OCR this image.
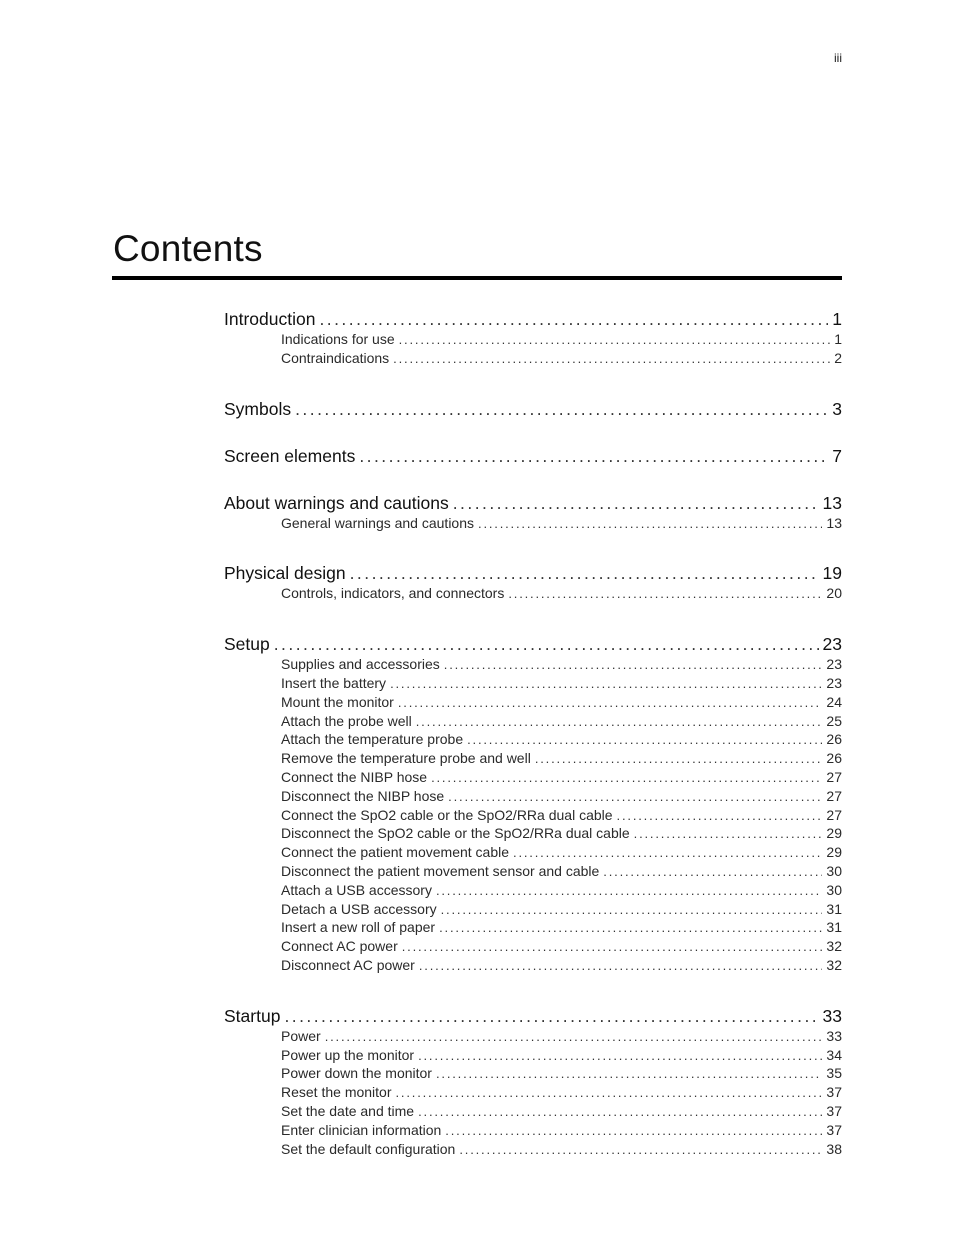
iii
Contents
Introduction . . .	1
Indications for use . . .	1
Contraindications . . .	2
Symbols . . .	3
Screen elements . . .	7
About warnings and cautions . . .	13
General warnings and cautions . . .	13
Physical design . . .	19
Controls, indicators, and connectors . . .	20
Setup . . .	23
Supplies and accessories . . .	23
Insert the battery . . .	23
Mount the monitor . . .	24
Attach the probe well . . .	25
Attach the temperature probe . . .	26
Remove the temperature probe and well . . .	26
Connect the NIBP hose . . .	27
Disconnect the NIBP hose . . .	27
Connect the SpO2 cable or the SpO2/RRa dual cable . . .	27
Disconnect the SpO2 cable or the SpO2/RRa dual cable . . .	29
Connect the patient movement cable . . .	29
Disconnect the patient movement sensor and cable . . .	30
Attach a USB accessory . . .	30
Detach a USB accessory . . .	31
Insert a new roll of paper . . .	31
Connect AC power . . .	32
Disconnect AC power . . .	32
Startup . . .	33
Power . . .	33
Power up the monitor . . .	34
Power down the monitor . . .	35
Reset the monitor . . .	37
Set the date and time . . .	37
Enter clinician information . . .	37
Set the default configuration . . .	38
